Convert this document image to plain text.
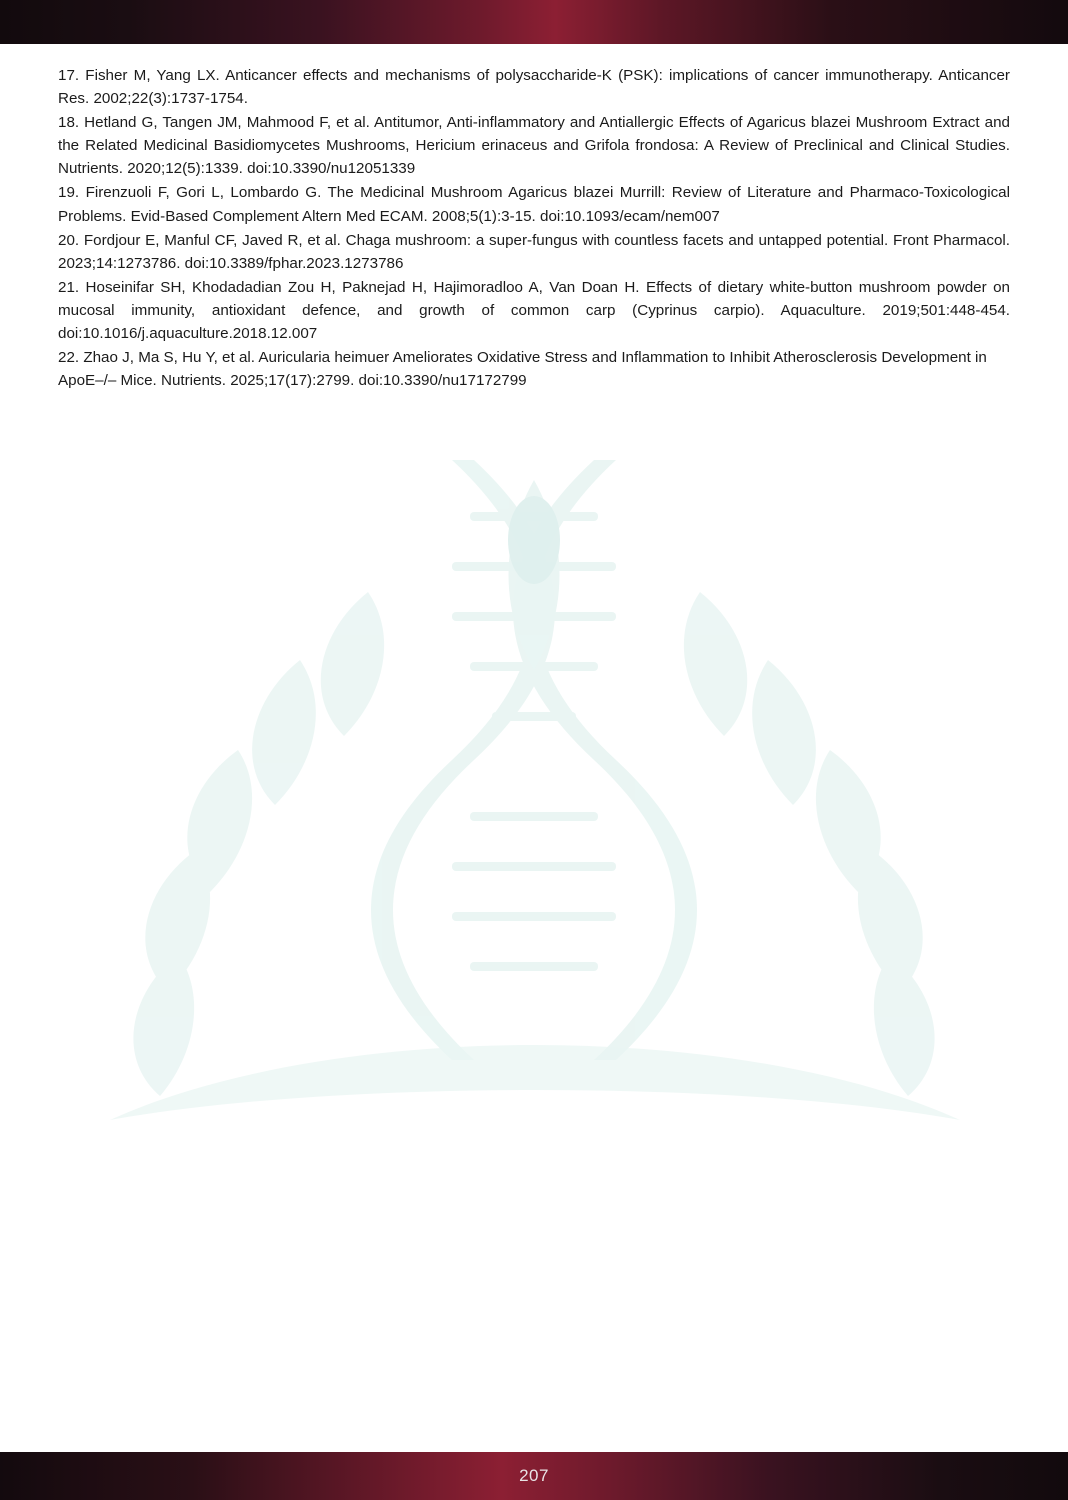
17. Fisher M, Yang LX. Anticancer effects and mechanisms of polysaccharide-K (PSK): implications of cancer immunotherapy. Anticancer Res. 2002;22(3):1737-1754.

18. Hetland G, Tangen JM, Mahmood F, et al. Antitumor, Anti-inflammatory and Antiallergic Effects of Agaricus blazei Mushroom Extract and the Related Medicinal Basidiomycetes Mushrooms, Hericium erinaceus and Grifola frondosa: A Review of Preclinical and Clinical Studies. Nutrients. 2020;12(5):1339. doi:10.3390/nu12051339

19. Firenzuoli F, Gori L, Lombardo G. The Medicinal Mushroom Agaricus blazei Murrill: Review of Literature and Pharmaco-Toxicological Problems. Evid-Based Complement Altern Med ECAM. 2008;5(1):3-15. doi:10.1093/ecam/nem007

20. Fordjour E, Manful CF, Javed R, et al. Chaga mushroom: a super-fungus with countless facets and untapped potential. Front Pharmacol. 2023;14:1273786. doi:10.3389/fphar.2023.1273786

21. Hoseinifar SH, Khodadadian Zou H, Paknejad H, Hajimoradloo A, Van Doan H. Effects of dietary white-button mushroom powder on mucosal immunity, antioxidant defence, and growth of common carp (Cyprinus carpio). Aquaculture. 2019;501:448-454. doi:10.1016/j.aquaculture.2018.12.007

22. Zhao J, Ma S, Hu Y, et al. Auricularia heimuer Ameliorates Oxidative Stress and Inflammation to Inhibit Atherosclerosis Development in ApoE–/– Mice. Nutrients. 2025;17(17):2799. doi:10.3390/nu17172799

207
